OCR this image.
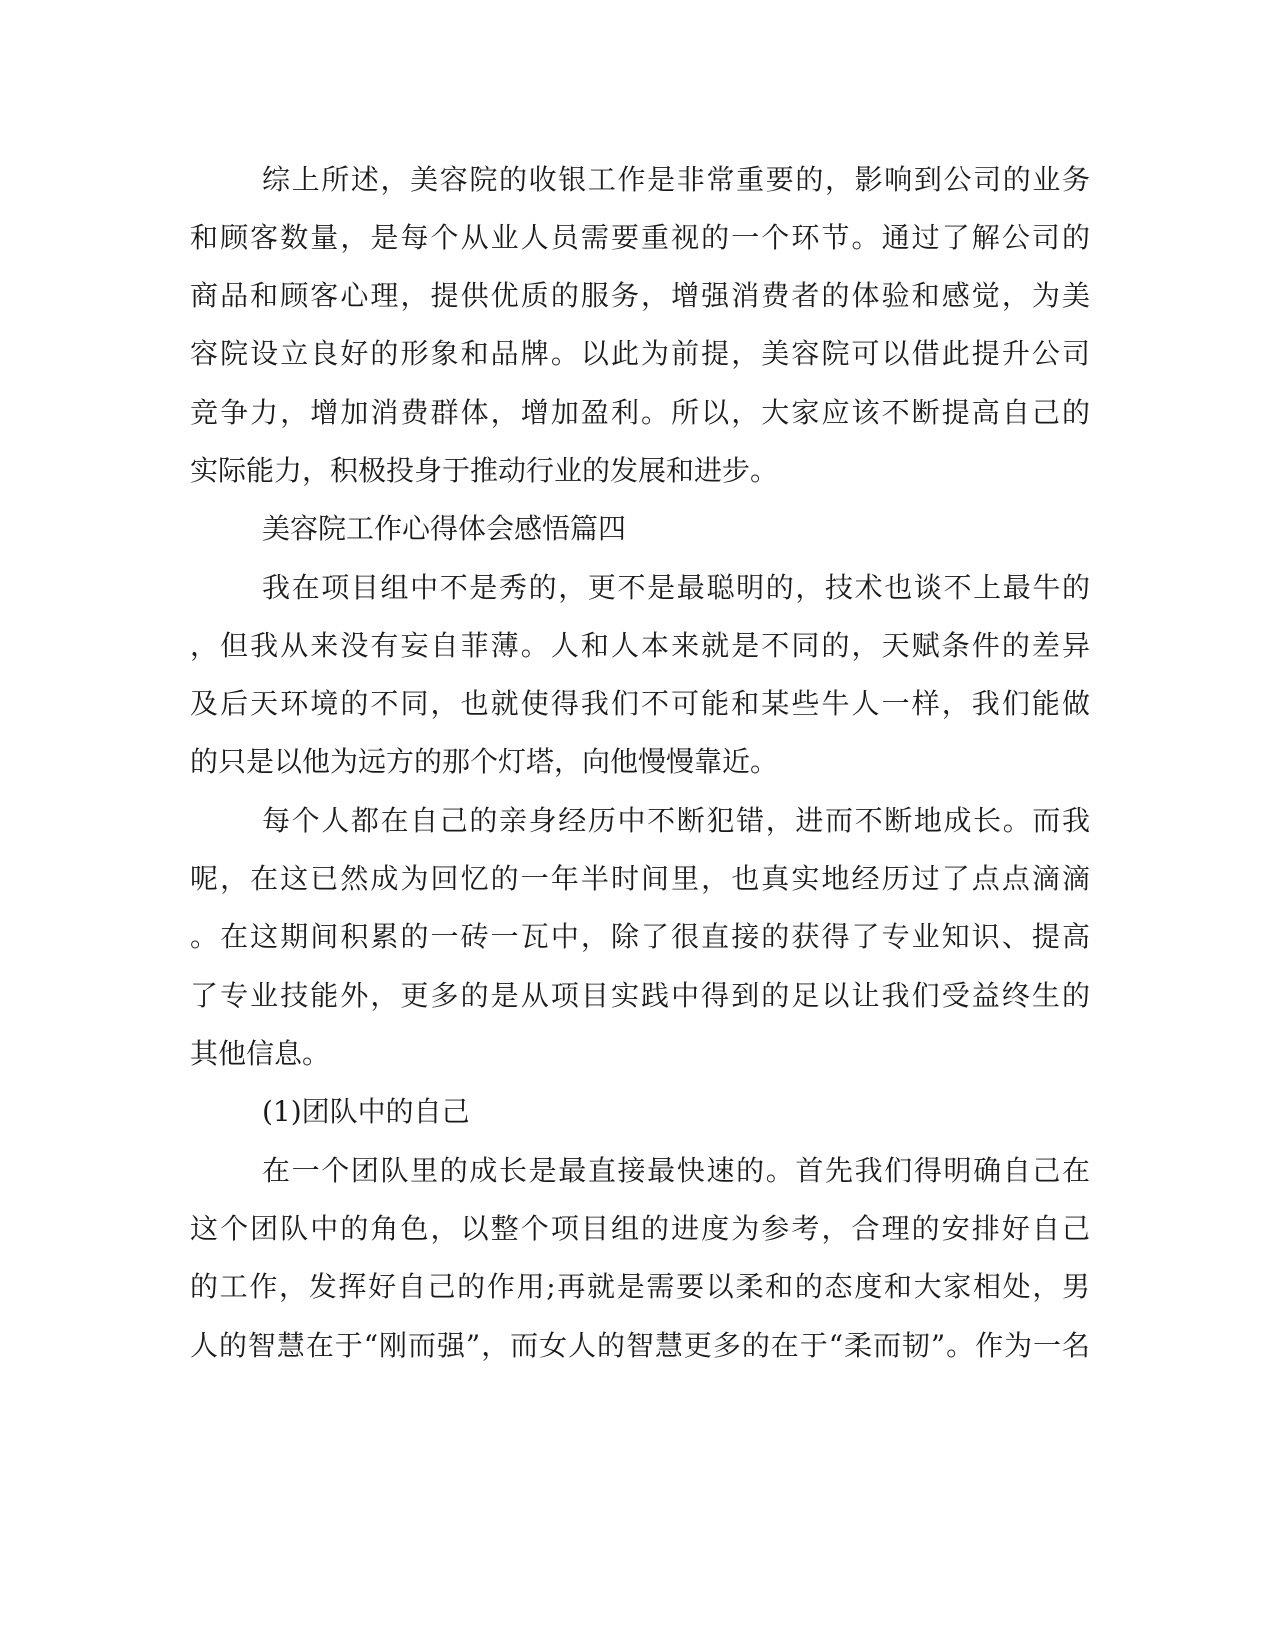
综上所述，美容院的收银工作是非常重要的，影响到公司的业务
和顾客数量，是每个从业人员需要重视的一个环节。通过了解公司的
商品和顾客心理，提供优质的服务，增强消费者的体验和感觉，为美
容院设立良好的形象和品牌。以此为前提，美容院可以借此提升公司
竞争力，增加消费群体，增加盈利。所以，大家应该不断提高自己的
实际能力，积极投身于推动行业的发展和进步。
美容院工作心得体会感悟篇四
我在项目组中不是秀的，更不是最聪明的，技术也谈不上最牛的
，但我从来没有妄自菲薄。人和人本来就是不同的，天赋条件的差异
及后天环境的不同，也就使得我们不可能和某些牛人一样，我们能做
的只是以他为远方的那个灯塔，向他慢慢靠近。
每个人都在自己的亲身经历中不断犯错，进而不断地成长。而我
呢，在这已然成为回忆的一年半时间里，也真实地经历过了点点滴滴
。在这期间积累的一砖一瓦中，除了很直接的获得了专业知识、提高
了专业技能外，更多的是从项目实践中得到的足以让我们受益终生的
其他信息。
(1)团队中的自己
在一个团队里的成长是最直接最快速的。首先我们得明确自己在
这个团队中的角色，以整个项目组的进度为参考，合理的安排好自己
的工作，发挥好自己的作用;再就是需要以柔和的态度和大家相处，男
人的智慧在于“刚而强”，而女人的智慧更多的在于“柔而韧”。作为一名
